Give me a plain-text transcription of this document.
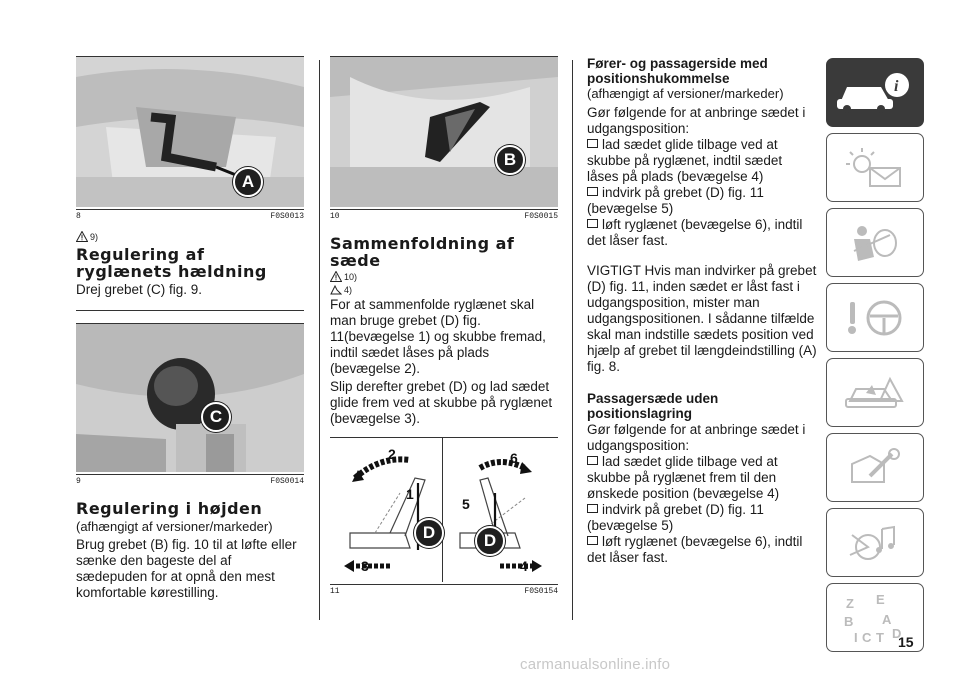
A
8	F0S0013
9)
Regulering af ryglænets hældning

Drej grebet (C) fig. 9.

C
9	F0S0014
Regulering i højden

(afhængigt af versioner/markeder)

Brug grebet (B) fig. 10 til at løfte eller sænke den bageste del af sædepuden for at opnå den mest komfortable kørestilling.

B
10	F0S0015
Sammenfoldning af sæde
10)
4)

For at sammenfolde ryglænet skal man bruge grebet (D) fig. 11(bevægelse 1) og skubbe fremad, indtil sædet låses på plads (bevægelse 2).

Slip derefter grebet (D) og lad sædet glide frem ved at skubbe på ryglænet (bevægelse 3).

2
1
3
6
5
4
D	D
11	F0S0154
Fører- og passagerside med positionshukommelse

(afhængigt af versioner/markeder)

Gør følgende for at anbringe sædet i udgangsposition:

lad sædet glide tilbage ved at skubbe på ryglænet, indtil sædet låses på plads (bevægelse 4)

indvirk på grebet (D) fig. 11 (bevægelse 5)

løft ryglænet (bevægelse 6), indtil det låser fast.

VIGTIGT Hvis man indvirker på grebet (D) fig. 11, inden sædet er låst fast i udgangsposition, mister man udgangspositionen. I sådanne tilfælde skal man indstille sædets position ved hjælp af grebet til længdeindstilling (A) fig. 8.

Passagersæde uden positionslagring

Gør følgende for at anbringe sædet i udgangsposition:

lad sædet glide tilbage ved at skubbe på ryglænet frem til den ønskede position (bevægelse 4)

indvirk på grebet (D) fig. 11 (bevægelse 5)

løft ryglænet (bevægelse 6), indtil det låser fast.

i
Z E
B A
I C T D
15
carmanualsonline.info
